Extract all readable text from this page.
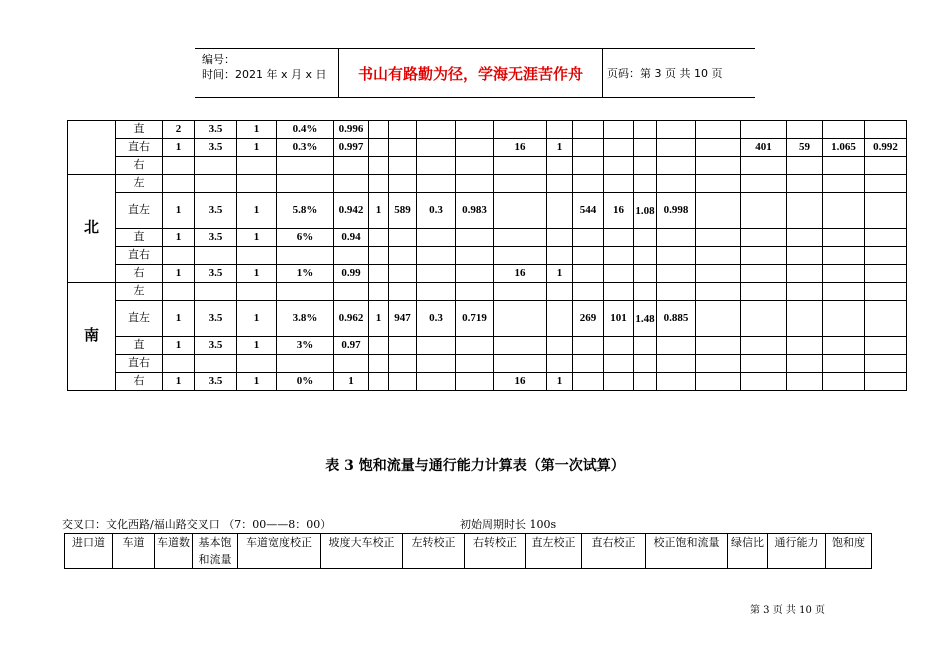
编号：
时间：2021 年 x 月 x 日	书山有路勤为径，学海无涯苦作舟	页码：第 3 页 共 10 页
	直	2	3.5	1	0.4%	0.996															
	直右	1	3.5	1	0.3%	0.997					16	1						401	59	1.065	0.992
	右																				
北	左																				
	直左	1	3.5	1	5.8%	0.942	1	589	0.3	0.983			544	16	1.08	0.998					
	直	1	3.5	1	6%	0.94															
	直右																				
	右	1	3.5	1	1%	0.99					16	1									
南	左																				
	直左	1	3.5	1	3.8%	0.962	1	947	0.3	0.719			269	101	1.48	0.885					
	直	1	3.5	1	3%	0.97															
	直右																				
	右	1	3.5	1	0%	1					16	1									
表 3 饱和流量与通行能力计算表（第一次试算）
交叉口：文化西路/福山路交叉口 （7：00——8：00）	初始周期时长 100s
进口道	车道	车道数	基本饱和流量	车道宽度校正	坡度大车校正	左转校正	右转校正	直左校正	直右校正	校正饱和流量	绿信比	通行能力	饱和度
第 3 页 共 10 页
